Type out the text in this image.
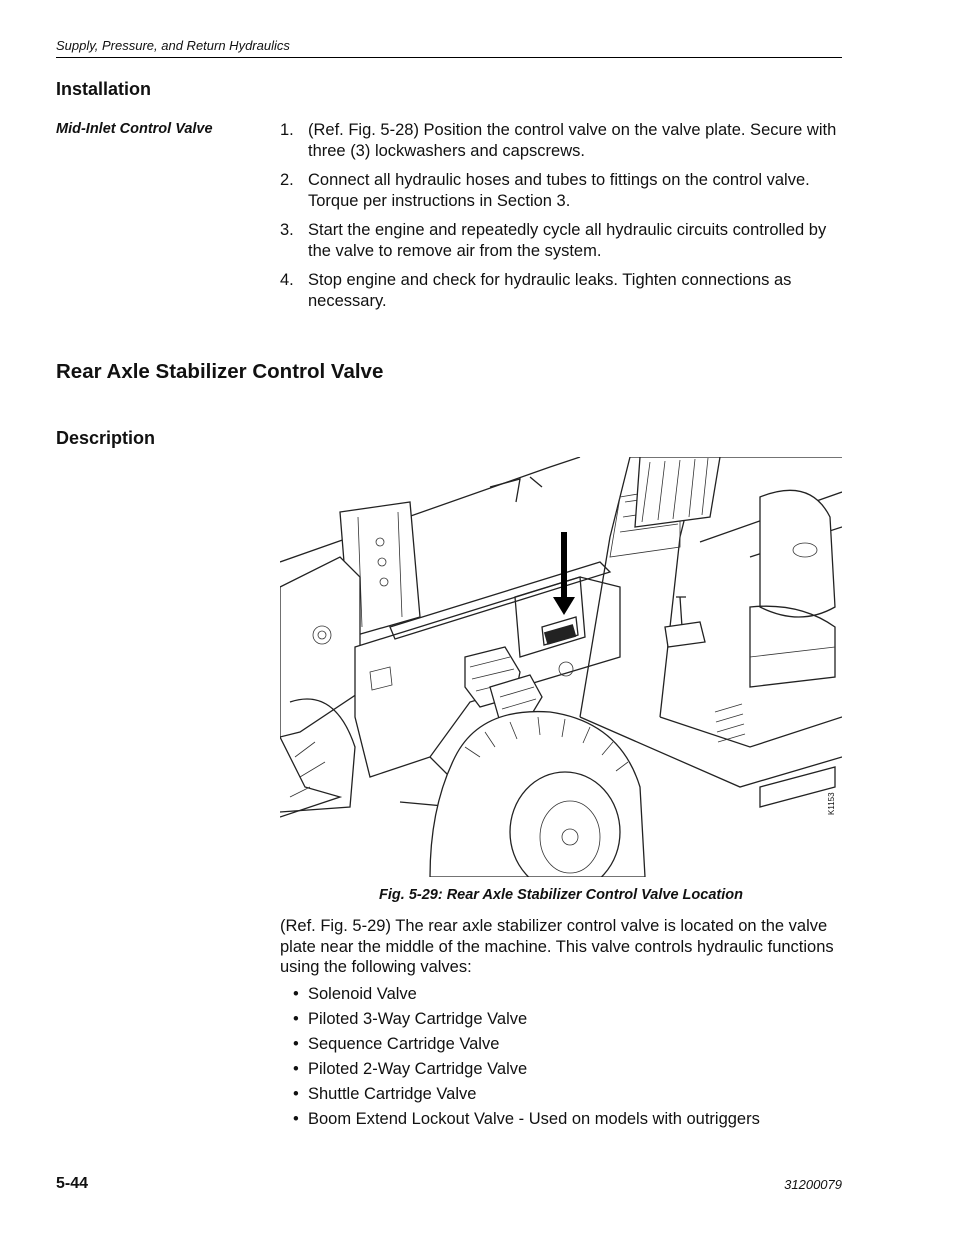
Supply, Pressure, and Return Hydraulics
Installation
Mid-Inlet Control Valve	1. (Ref. Fig. 5-28) Position the control valve on the valve plate. Secure with three (3) lockwashers and capscrews.
2. Connect all hydraulic hoses and tubes to fittings on the control valve. Torque per instructions in Section 3.
3. Start the engine and repeatedly cycle all hydraulic circuits controlled by the valve to remove air from the system.
4. Stop engine and check for hydraulic leaks. Tighten connections as necessary.
Rear Axle Stabilizer Control Valve
Description
K1153
Fig. 5-29: Rear Axle Stabilizer Control Valve Location
(Ref. Fig. 5-29) The rear axle stabilizer control valve is located on the valve plate near the middle of the machine. This valve controls hydraulic functions using the following valves:
• Solenoid Valve
• Piloted 3-Way Cartridge Valve
• Sequence Cartridge Valve
• Piloted 2-Way Cartridge Valve
• Shuttle Cartridge Valve
• Boom Extend Lockout Valve - Used on models with outriggers
5-44	31200079
